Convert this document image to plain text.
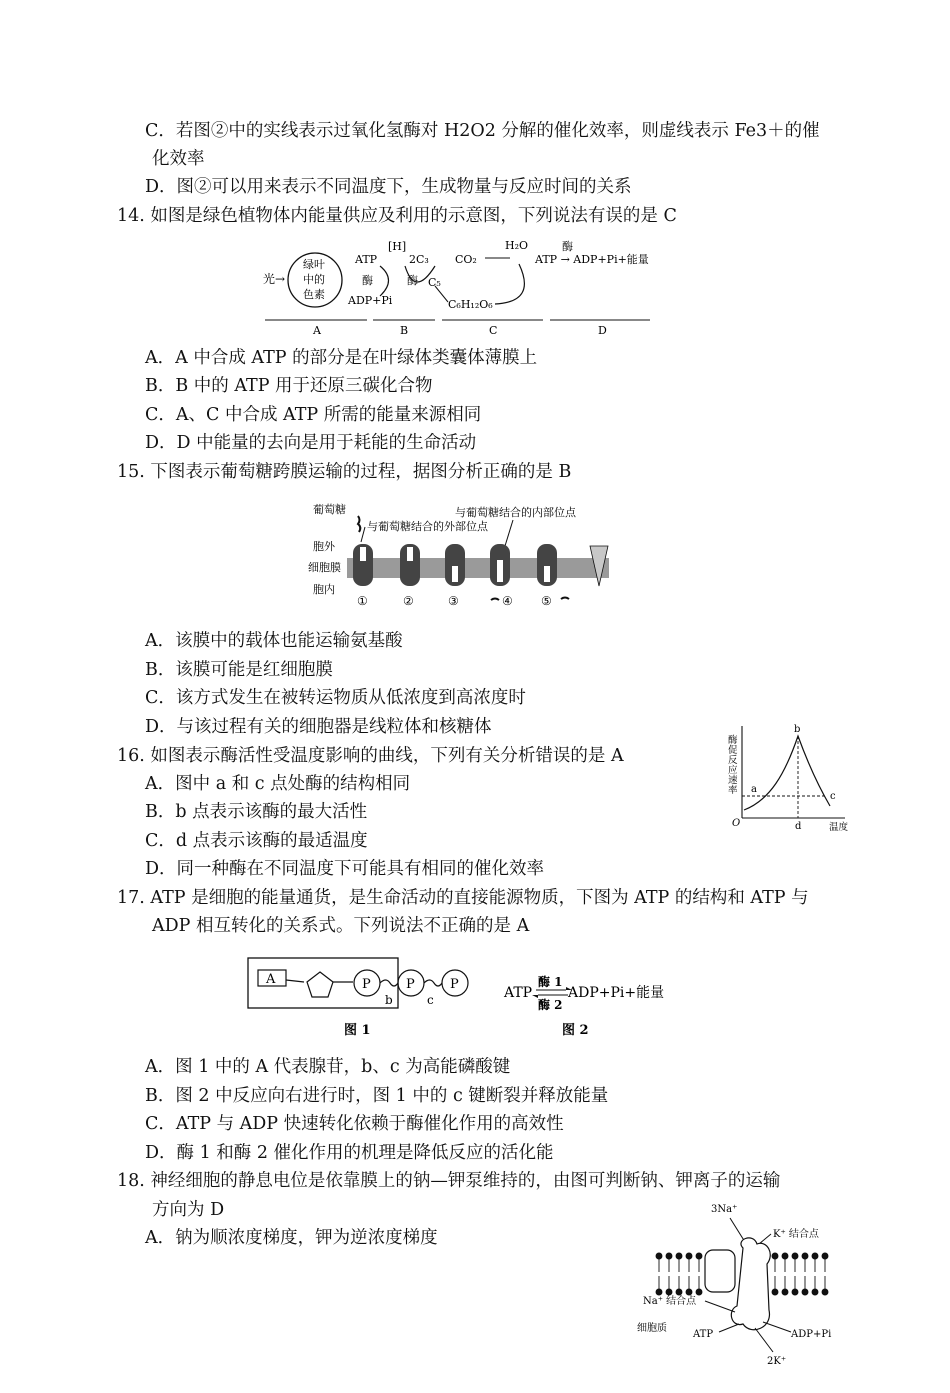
C．若图②中的实线表示过氧化氢酶对 H2O2 分解的催化效率，则虚线表示 Fe3＋的催
化效率
D．图②可以用来表示不同温度下，生成物量与反应时间的关系
14. 如图是绿色植物体内能量供应及利用的示意图，下列说法有误的是 C
光→
绿叶
中的
色素
ATP
酶
ADP+Pi
[H]
2C₃
酶 C₅
CO₂
C₆H₁₂O₆
H₂O	酶
ATP → ADP+Pi+能量
A	B	C	D
A．A 中合成 ATP 的部分是在叶绿体类囊体薄膜上
B．B 中的 ATP 用于还原三碳化合物
C．A、C 中合成 ATP 所需的能量来源相同
D．D 中能量的去向是用于耗能的生命活动
15. 下图表示葡萄糖跨膜运输的过程，据图分析正确的是 B
葡萄糖	与葡萄糖结合的内部位点
与葡萄糖结合的外部位点
胞外
细胞膜
胞内
①	②	③	④ ⑤
A．该膜中的载体也能运输氨基酸
B．该膜可能是红细胞膜
C．该方式发生在被转运物质从低浓度到高浓度时
D．与该过程有关的细胞器是线粒体和核糖体
16. 如图表示酶活性受温度影响的曲线，下列有关分析错误的是 A
A．图中 a 和 c 点处酶的结构相同
B．b 点表示该酶的最大活性
C．d 点表示该酶的最适温度
D．同一种酶在不同温度下可能具有相同的催化效率
酶
促
反
应
速
率 a
b
c
d
O	温度
17. ATP 是细胞的能量通货，是生命活动的直接能源物质，下图为 ATP 的结构和 ATP 与
ADP 相互转化的关系式。下列说法不正确的是 A
A	P
b
P
c
P
图 1
ATP
酶 1
酶 2
ADP+Pi+能量
图 2
A．图 1 中的 A 代表腺苷，b、c 为高能磷酸键
B．图 2 中反应向右进行时，图 1 中的 c 键断裂并释放能量
C．ATP 与 ADP 快速转化依赖于酶催化作用的高效性
D．酶 1 和酶 2 催化作用的机理是降低反应的活化能
18. 神经细胞的静息电位是依靠膜上的钠—钾泵维持的，由图可判断钠、钾离子的运输
方向为 D
A．钠为顺浓度梯度，钾为逆浓度梯度
3Na⁺
K⁺ 结合点
Na⁺ 结合点
细胞质
ATP	ADP+Pi
2K⁺
